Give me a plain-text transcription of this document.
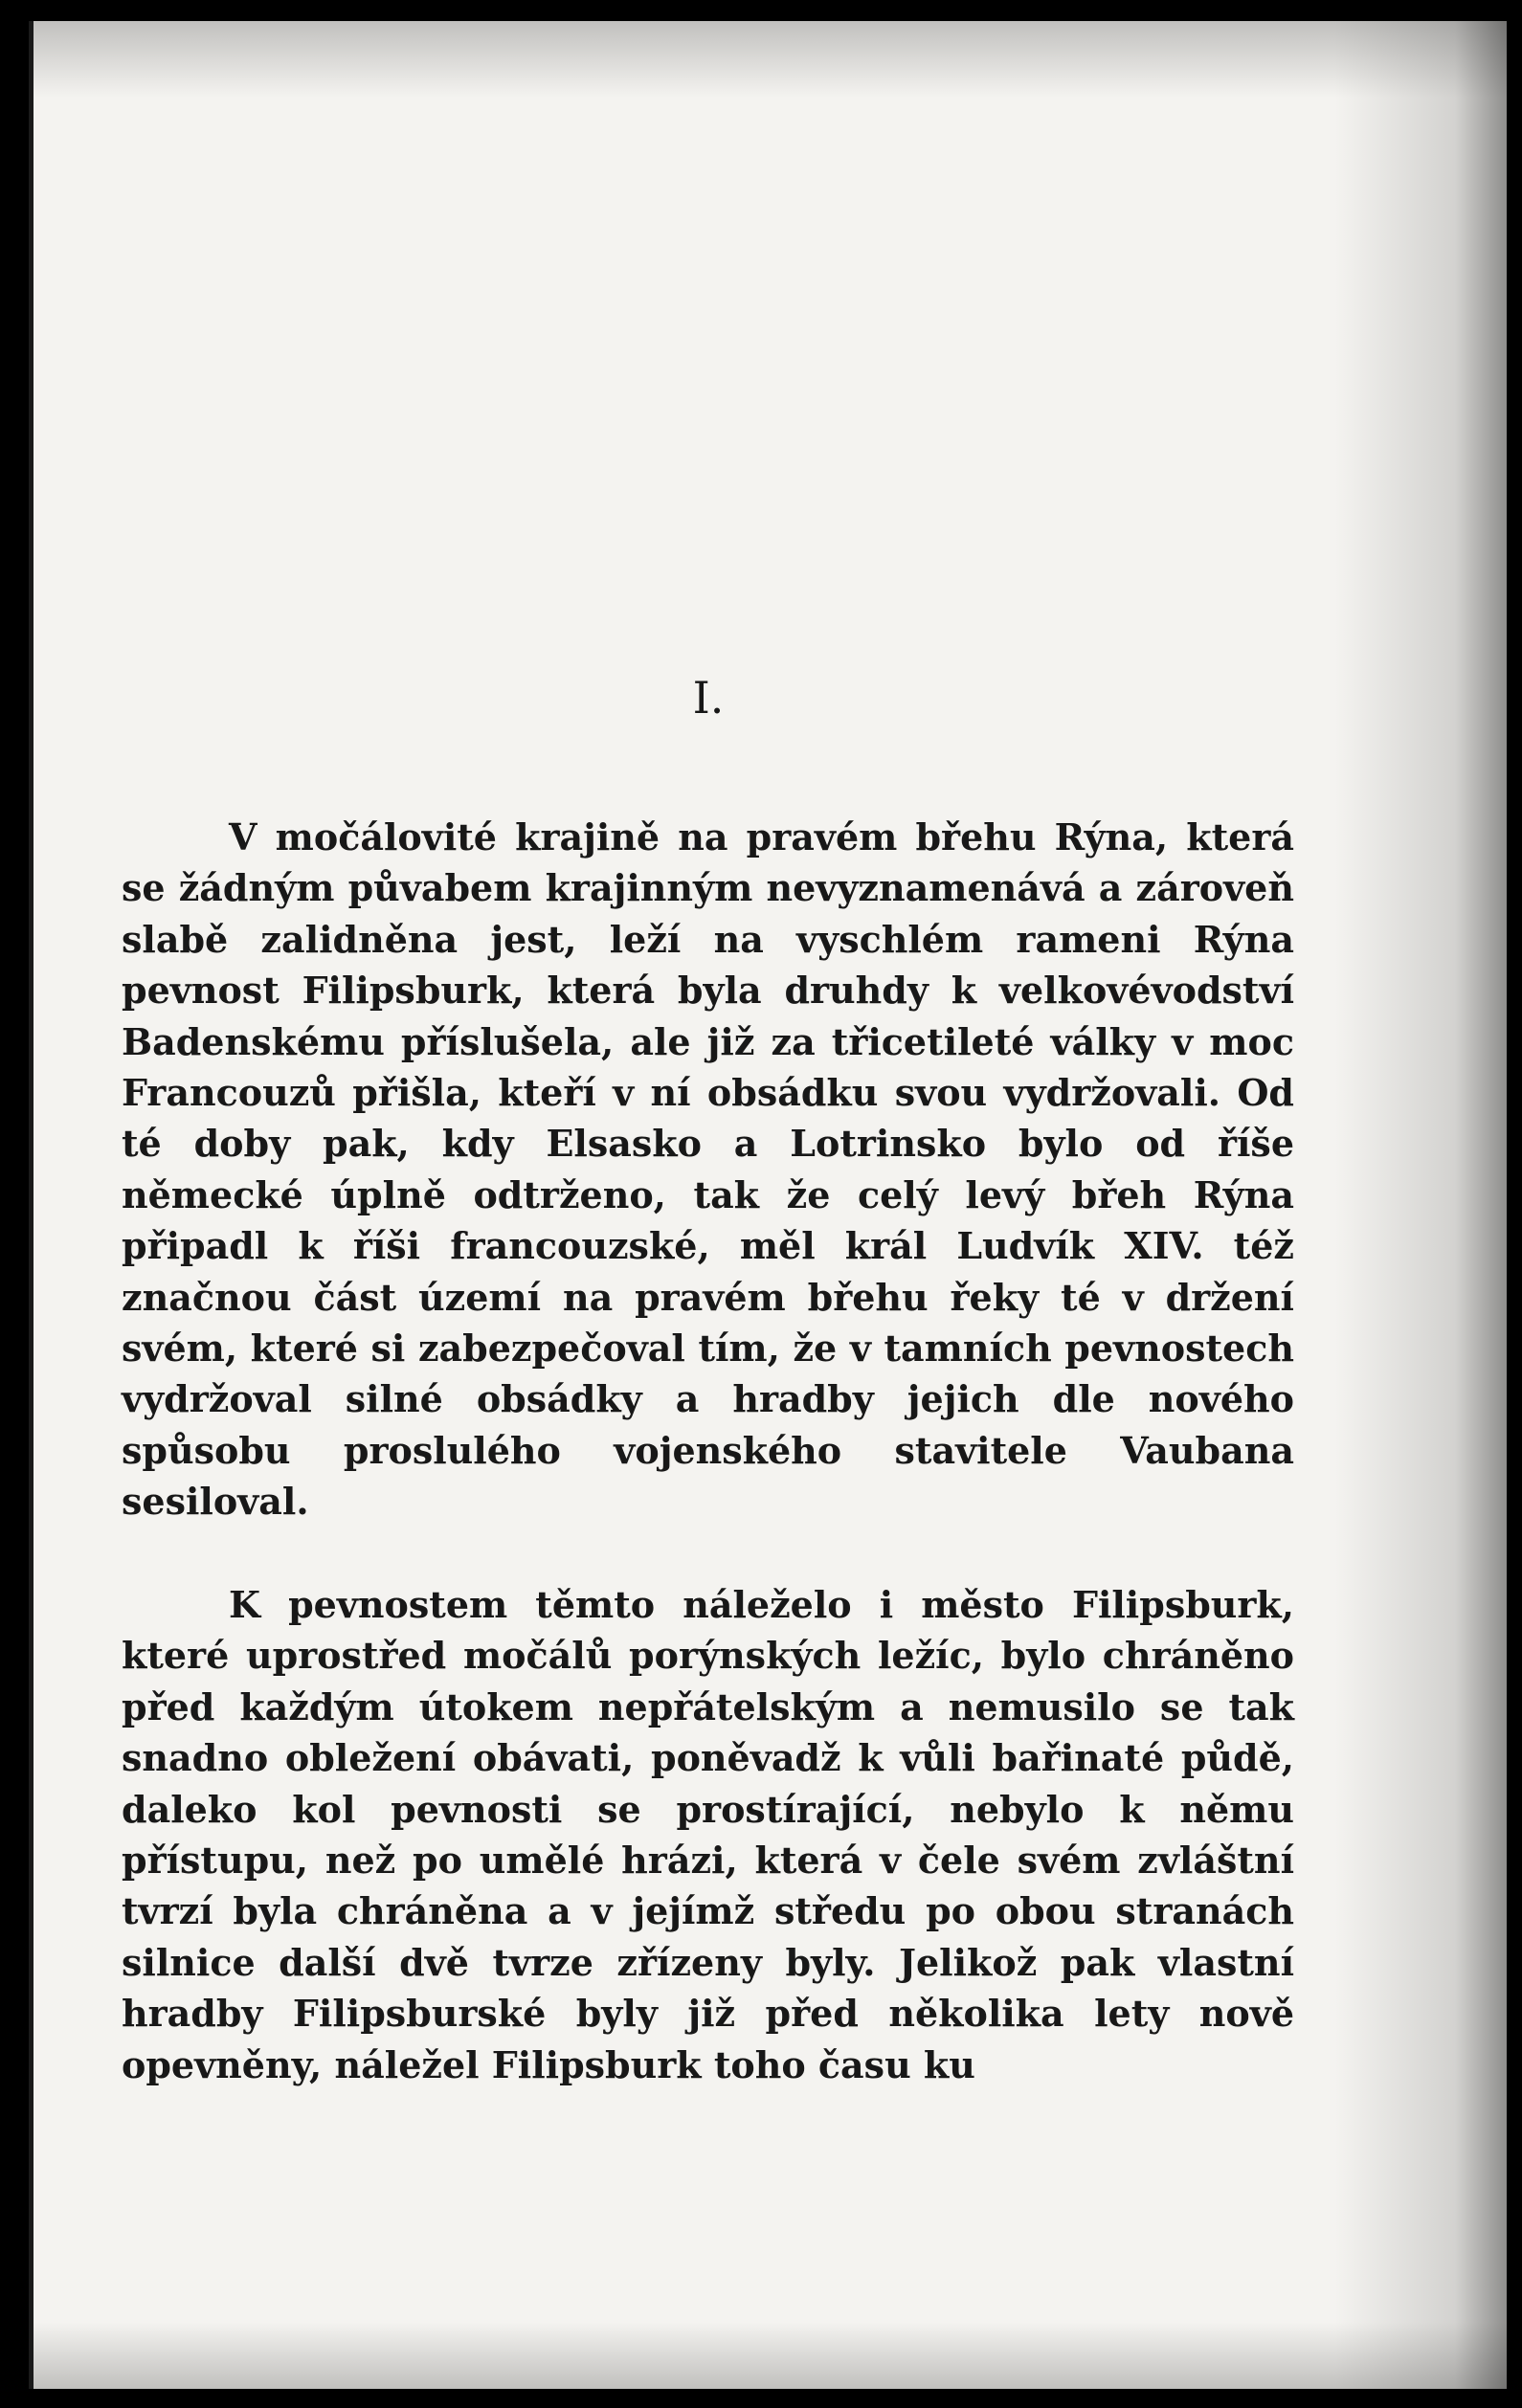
I.

V močálovité krajině na pravém břehu Rýna, která se žádným půvabem krajinným nevyznamenává a zároveň slabě zalidněna jest, leží na vyschlém rameni Rýna pevnost Filipsburk, která byla druhdy k velkovévodství Badenskému příslušela, ale již za třicetileté války v moc Francouzů přišla, kteří v ní obsádku svou vydržovali. Od té doby pak, kdy Elsasko a Lotrinsko bylo od říše německé úplně odtrženo, tak že celý levý břeh Rýna připadl k říši francouzské, měl král Ludvík XIV. též značnou část území na pravém břehu řeky té v držení svém, které si zabezpečoval tím, že v tamních pevnostech vydržoval silné obsádky a hradby jejich dle nového spůsobu proslulého vojenského stavitele Vaubana sesiloval.

K pevnostem těmto náleželo i město Filipsburk, které uprostřed močálů porýnských ležíc, bylo chráněno před každým útokem nepřátelským a nemusilo se tak snadno obležení obávati, poněvadž k vůli bařinaté půdě, daleko kol pevnosti se prostírající, nebylo k němu přístupu, než po umělé hrázi, která v čele svém zvláštní tvrzí byla chráněna a v jejímž středu po obou stranách silnice další dvě tvrze zřízeny byly. Jelikož pak vlastní hradby Filipsburské byly již před několika lety nově opevněny, náležel Filipsburk toho času ku
